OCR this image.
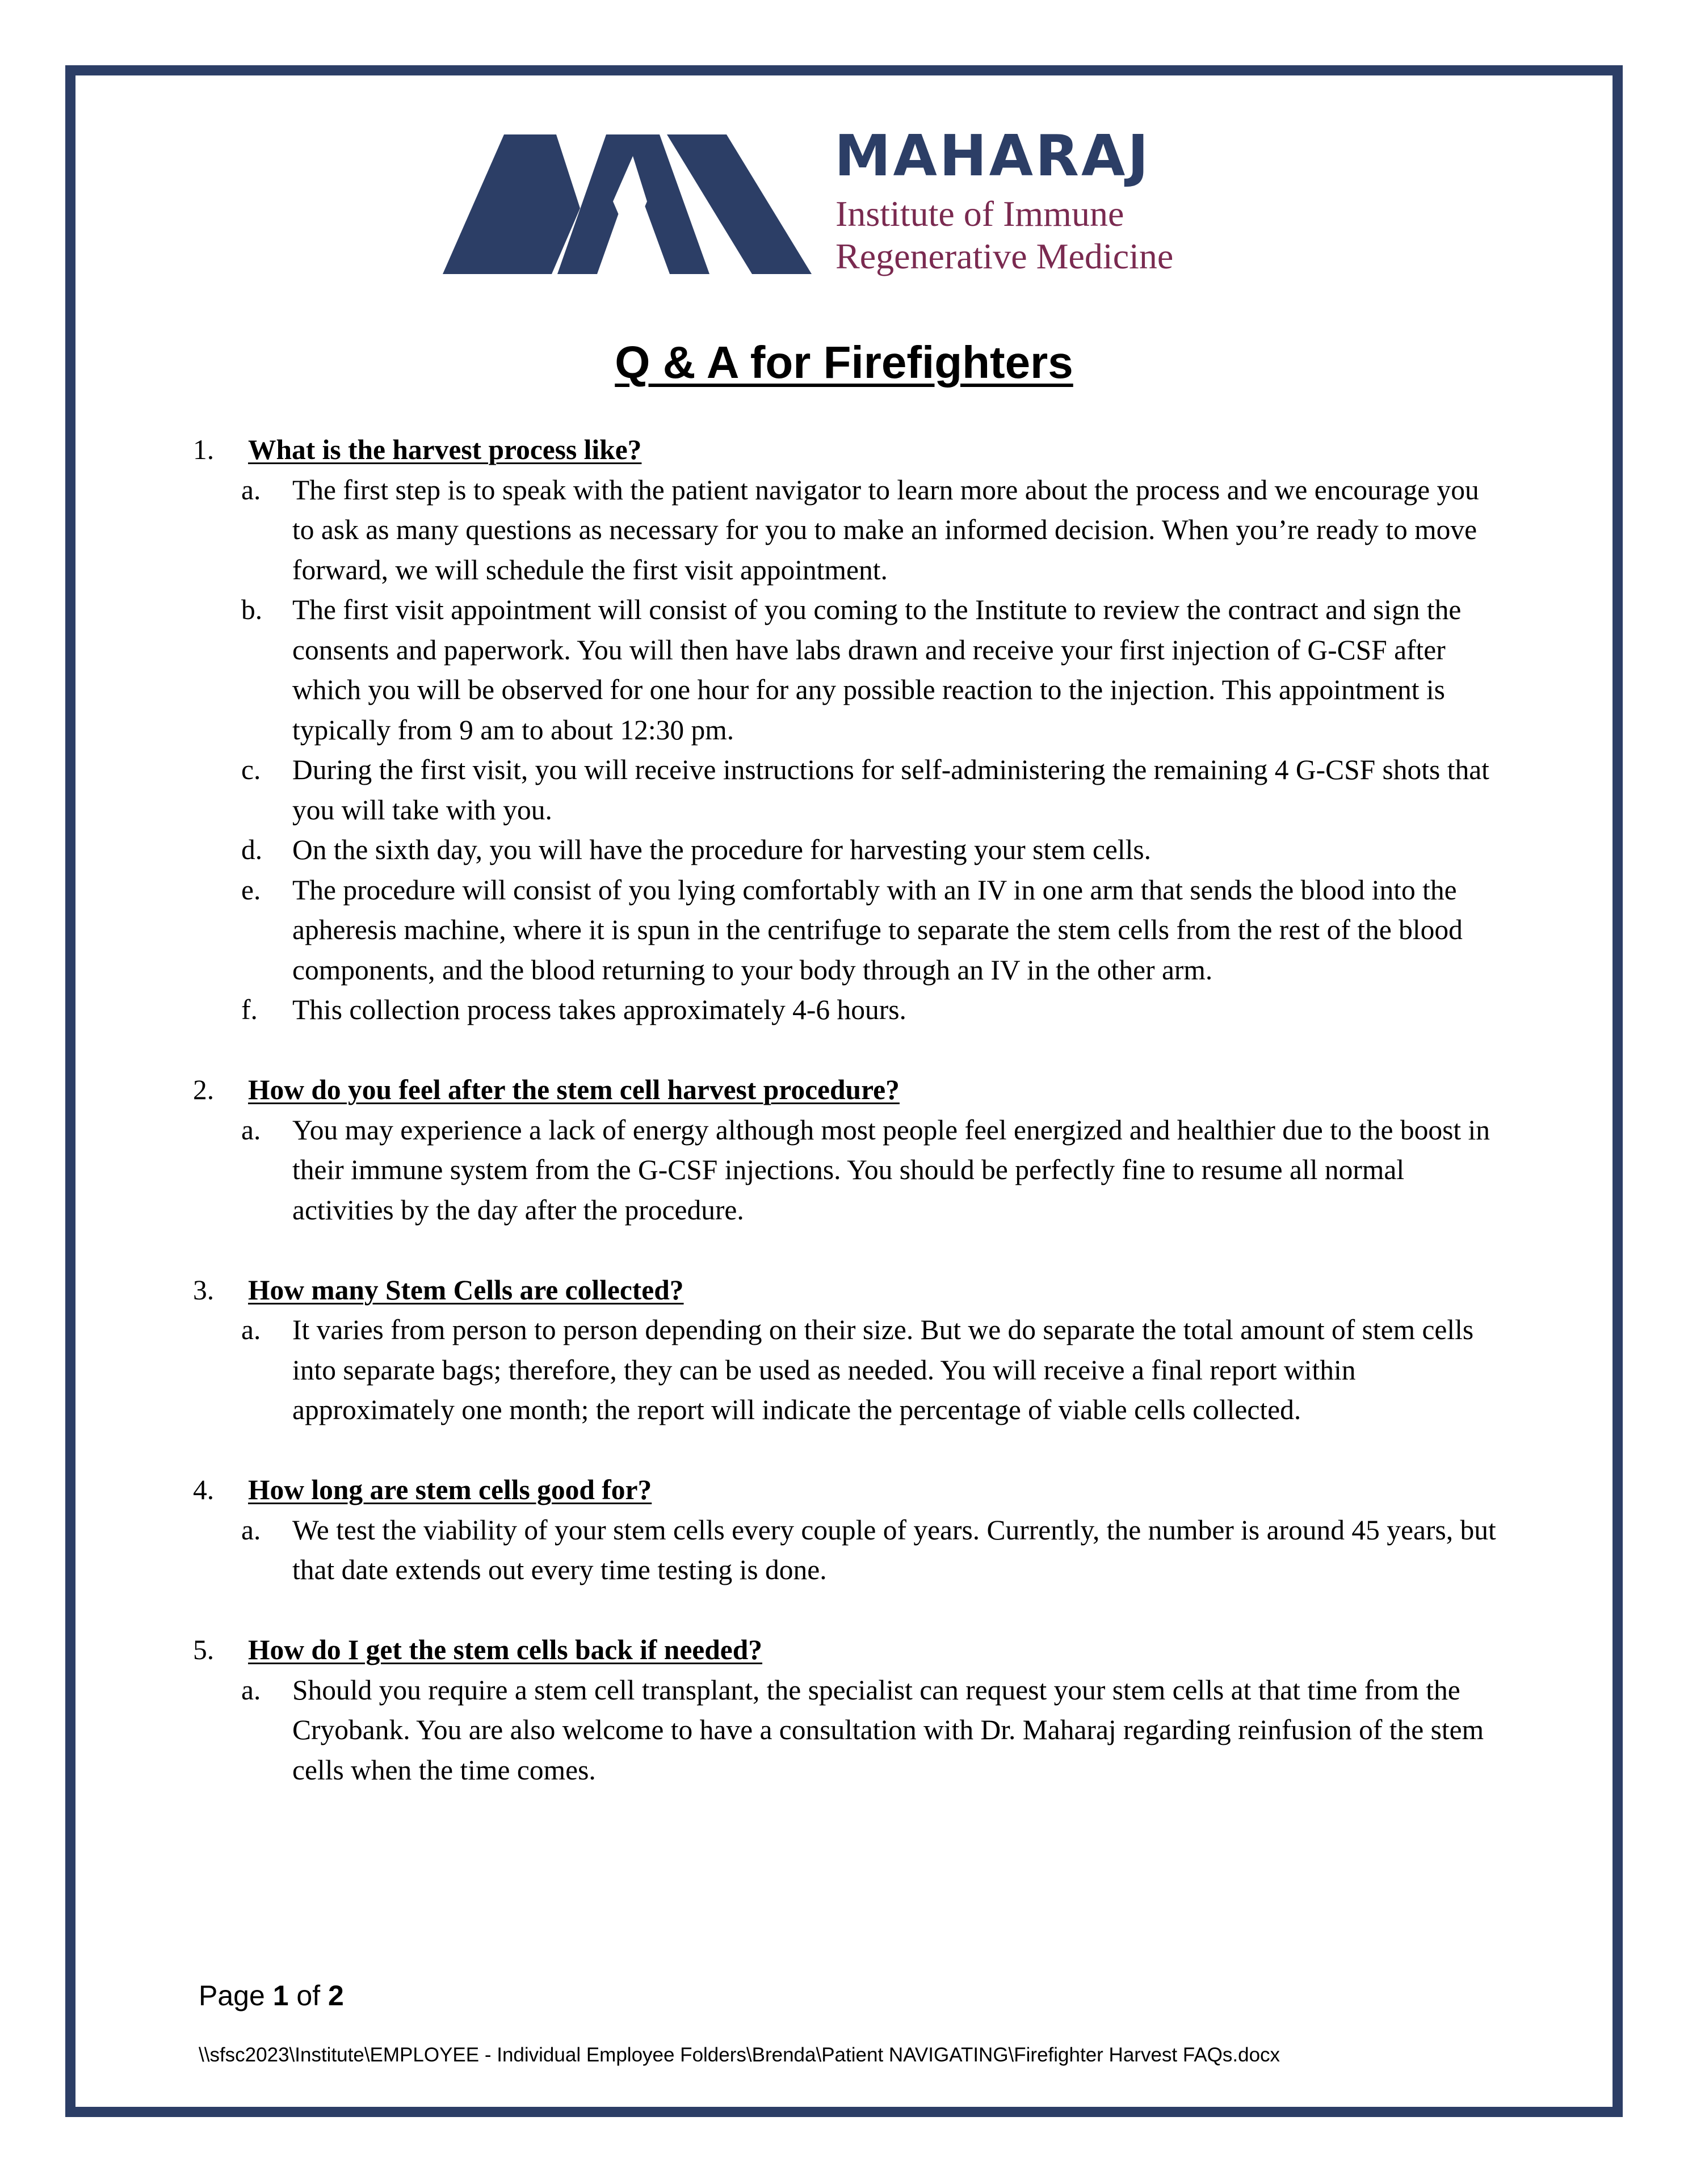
MAHARAJ
Institute of Immune
Regenerative Medicine
Q & A for Firefighters
1.	What is the harvest process like?
a.	The first step is to speak with the patient navigator to learn more about the process and we encourage you to ask as many questions as necessary for you to make an informed decision. When you’re ready to move forward, we will schedule the first visit appointment.
b.	The first visit appointment will consist of you coming to the Institute to review the contract and sign the consents and paperwork. You will then have labs drawn and receive your first injection of G-CSF after which you will be observed for one hour for any possible reaction to the injection. This appointment is typically from 9 am to about 12:30 pm.
c.	During the first visit, you will receive instructions for self-administering the remaining 4 G-CSF shots that you will take with you.
d.	On the sixth day, you will have the procedure for harvesting your stem cells.
e.	The procedure will consist of you lying comfortably with an IV in one arm that sends the blood into the apheresis machine, where it is spun in the centrifuge to separate the stem cells from the rest of the blood components, and the blood returning to your body through an IV in the other arm.
f.	This collection process takes approximately 4-6 hours.
2.	How do you feel after the stem cell harvest procedure?
a.	You may experience a lack of energy although most people feel energized and healthier due to the boost in their immune system from the G-CSF injections. You should be perfectly fine to resume all normal activities by the day after the procedure.
3.	How many Stem Cells are collected?
a.	It varies from person to person depending on their size. But we do separate the total amount of stem cells into separate bags; therefore, they can be used as needed. You will receive a final report within approximately one month; the report will indicate the percentage of viable cells collected.
4.	How long are stem cells good for?
a.	We test the viability of your stem cells every couple of years. Currently, the number is around 45 years, but that date extends out every time testing is done.
5.	How do I get the stem cells back if needed?
a.	Should you require a stem cell transplant, the specialist can request your stem cells at that time from the Cryobank. You are also welcome to have a consultation with Dr. Maharaj regarding reinfusion of the stem cells when the time comes.
Page 1 of 2
\\sfsc2023\Institute\EMPLOYEE - Individual Employee Folders\Brenda\Patient NAVIGATING\Firefighter Harvest FAQs.docx
